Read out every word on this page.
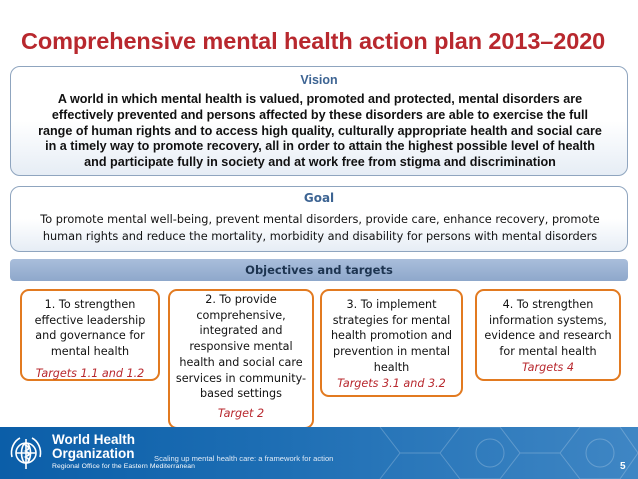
Comprehensive mental health action plan 2013–2020
Vision
A world in which mental health is valued, promoted and protected, mental disorders are
effectively prevented and persons affected by these disorders are able to exercise the full
range of human rights and to access high quality, culturally appropriate health and social care
in a timely way to promote recovery, all in order to attain the highest possible level of health
and participate fully in society and at work free from stigma and discrimination
Goal
To promote mental well-being, prevent mental disorders, provide care, enhance recovery, promote
human rights and reduce the mortality, morbidity and disability for persons with mental disorders
Objectives and targets
1. To strengthen
effective leadership
and governance for
mental health
Targets 1.1 and 1.2
2. To provide
comprehensive,
integrated and
responsive mental
health and social care
services in community-
based settings
Target 2
3. To implement
strategies for mental
health promotion and
prevention in mental
health
Targets 3.1 and 3.2
4. To strengthen
information systems,
evidence and research
for mental health
Targets 4
World Health
Organization
Regional Office for the Eastern Mediterranean
Scaling up mental health care: a framework for action
5
